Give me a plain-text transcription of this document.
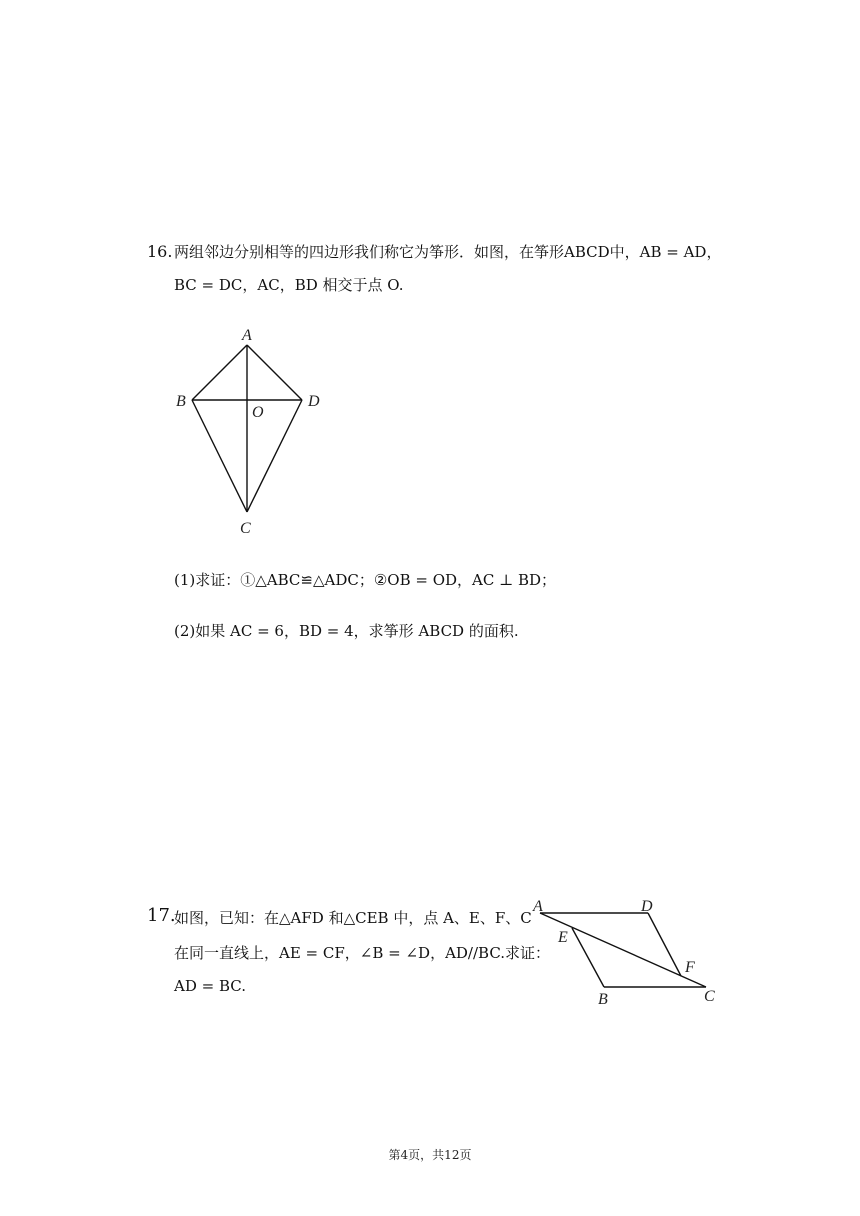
16. 两组邻边分别相等的四边形我们称它为筝形．如图，在筝形ABCD中，AB = AD，
BC = DC，AC，BD 相交于点 O.
A
B
O
D
C
(1)求证：①△ABC≌△ADC；②OB = OD，AC ⊥ BD；
(2)如果 AC = 6，BD = 4，求筝形 ABCD 的面积.
17.
如图，已知：在△AFD 和△CEB 中，点 A、E、F、C
在同一直线上，AE = CF，∠B = ∠D，AD//BC.求证：
AD = BC.
A	D
E
F
B	C
第4页，共12页
